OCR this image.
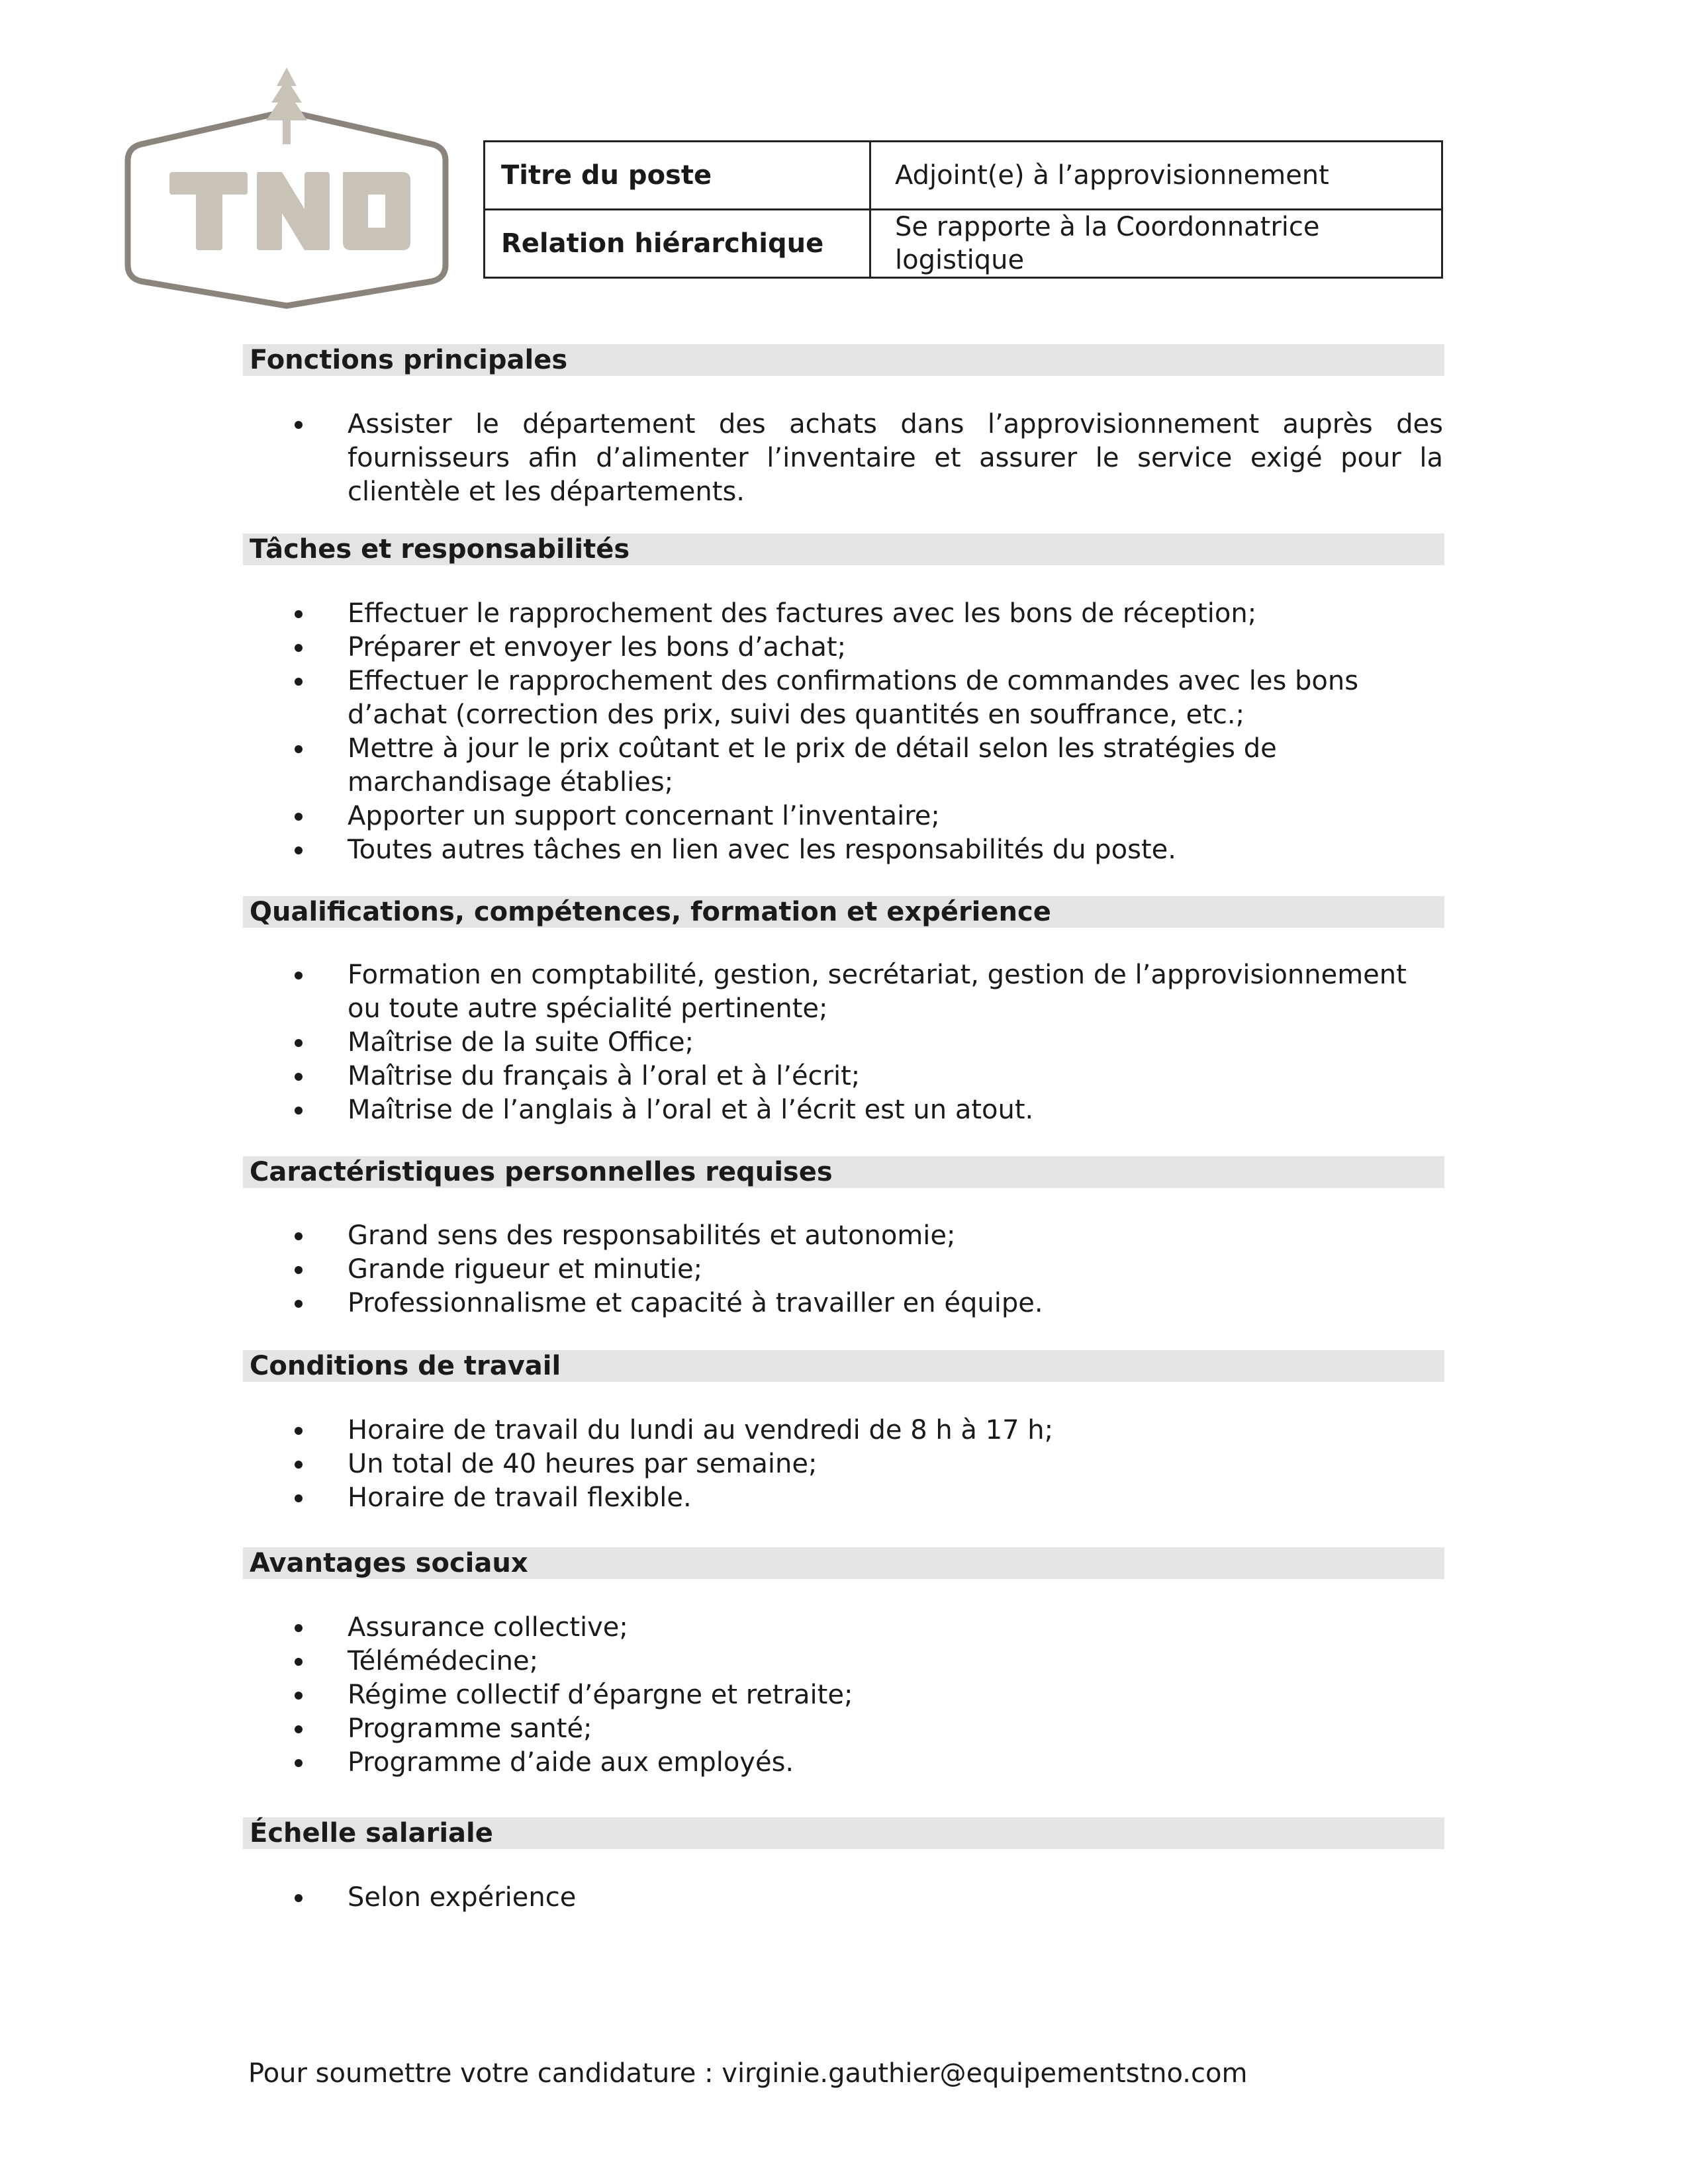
Titre du poste	Adjoint(e) à l’approvisionnement
Relation hiérarchique	Se rapporte à la Coordonnatrice logistique
Fonctions principales
Assister le département des achats dans l’approvisionnement auprès des fournisseurs afin d’alimenter l’inventaire et assurer le service exigé pour la clientèle et les départements.
Tâches et responsabilités
Effectuer le rapprochement des factures avec les bons de réception;
Préparer et envoyer les bons d’achat;
Effectuer le rapprochement des confirmations de commandes avec les bons d’achat (correction des prix, suivi des quantités en souffrance, etc.;
Mettre à jour le prix coûtant et le prix de détail selon les stratégies de marchandisage établies;
Apporter un support concernant l’inventaire;
Toutes autres tâches en lien avec les responsabilités du poste.
Qualifications, compétences, formation et expérience
Formation en comptabilité, gestion, secrétariat, gestion de l’approvisionnement ou toute autre spécialité pertinente;
Maîtrise de la suite Office;
Maîtrise du français à l’oral et à l’écrit;
Maîtrise de l’anglais à l’oral et à l’écrit est un atout.
Caractéristiques personnelles requises
Grand sens des responsabilités et autonomie;
Grande rigueur et minutie;
Professionnalisme et capacité à travailler en équipe.
Conditions de travail
Horaire de travail du lundi au vendredi de 8 h à 17 h;
Un total de 40 heures par semaine;
Horaire de travail flexible.
Avantages sociaux
Assurance collective;
Télémédecine;
Régime collectif d’épargne et retraite;
Programme santé;
Programme d’aide aux employés.
Échelle salariale
Selon expérience
Pour soumettre votre candidature : virginie.gauthier@equipementstno.com
